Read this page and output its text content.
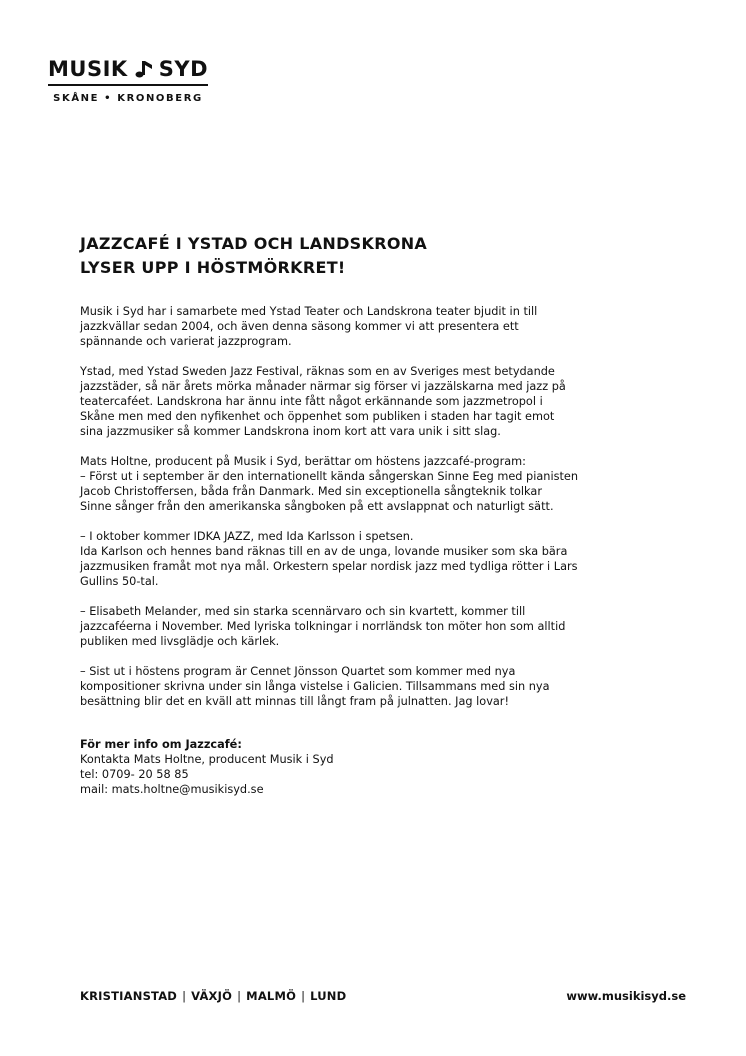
MUSIK SYD
SKÅNE • KRONOBERG
JAZZCAFÉ I YSTAD OCH LANDSKRONA
LYSER UPP I HÖSTMÖRKRET!

Musik i Syd har i samarbete med Ystad Teater och Landskrona teater bjudit in till
jazzkvällar sedan 2004, och även denna säsong kommer vi att presentera ett
spännande och varierat jazzprogram.

Ystad, med Ystad Sweden Jazz Festival, räknas som en av Sveriges mest betydande
jazzstäder, så när årets mörka månader närmar sig förser vi jazzälskarna med jazz på
teatercaféet. Landskrona har ännu inte fått något erkännande som jazzmetropol i
Skåne men med den nyfikenhet och öppenhet som publiken i staden har tagit emot
sina jazzmusiker så kommer Landskrona inom kort att vara unik i sitt slag.

Mats Holtne, producent på Musik i Syd, berättar om höstens jazzcafé-program:
– Först ut i september är den internationellt kända sångerskan Sinne Eeg med pianisten
Jacob Christoffersen, båda från Danmark. Med sin exceptionella sångteknik tolkar
Sinne sånger från den amerikanska sångboken på ett avslappnat och naturligt sätt.

– I oktober kommer IDKA JAZZ, med Ida Karlsson i spetsen.
Ida Karlson och hennes band räknas till en av de unga, lovande musiker som ska bära
jazzmusiken framåt mot nya mål. Orkestern spelar nordisk jazz med tydliga rötter i Lars
Gullins 50-tal.

– Elisabeth Melander, med sin starka scennärvaro och sin kvartett, kommer till
jazzcaféerna i November. Med lyriska tolkningar i norrländsk ton möter hon som alltid
publiken med livsglädje och kärlek.

– Sist ut i höstens program är Cennet Jönsson Quartet som kommer med nya
kompositioner skrivna under sin långa vistelse i Galicien. Tillsammans med sin nya
besättning blir det en kväll att minnas till långt fram på julnatten. Jag lovar!

För mer info om Jazzcafé:
Kontakta Mats Holtne, producent Musik i Syd
tel: 0709- 20 58 85
mail: mats.holtne@musikisyd.se
KRISTIANSTAD | VÄXJÖ | MALMÖ | LUND	www.musikisyd.se
